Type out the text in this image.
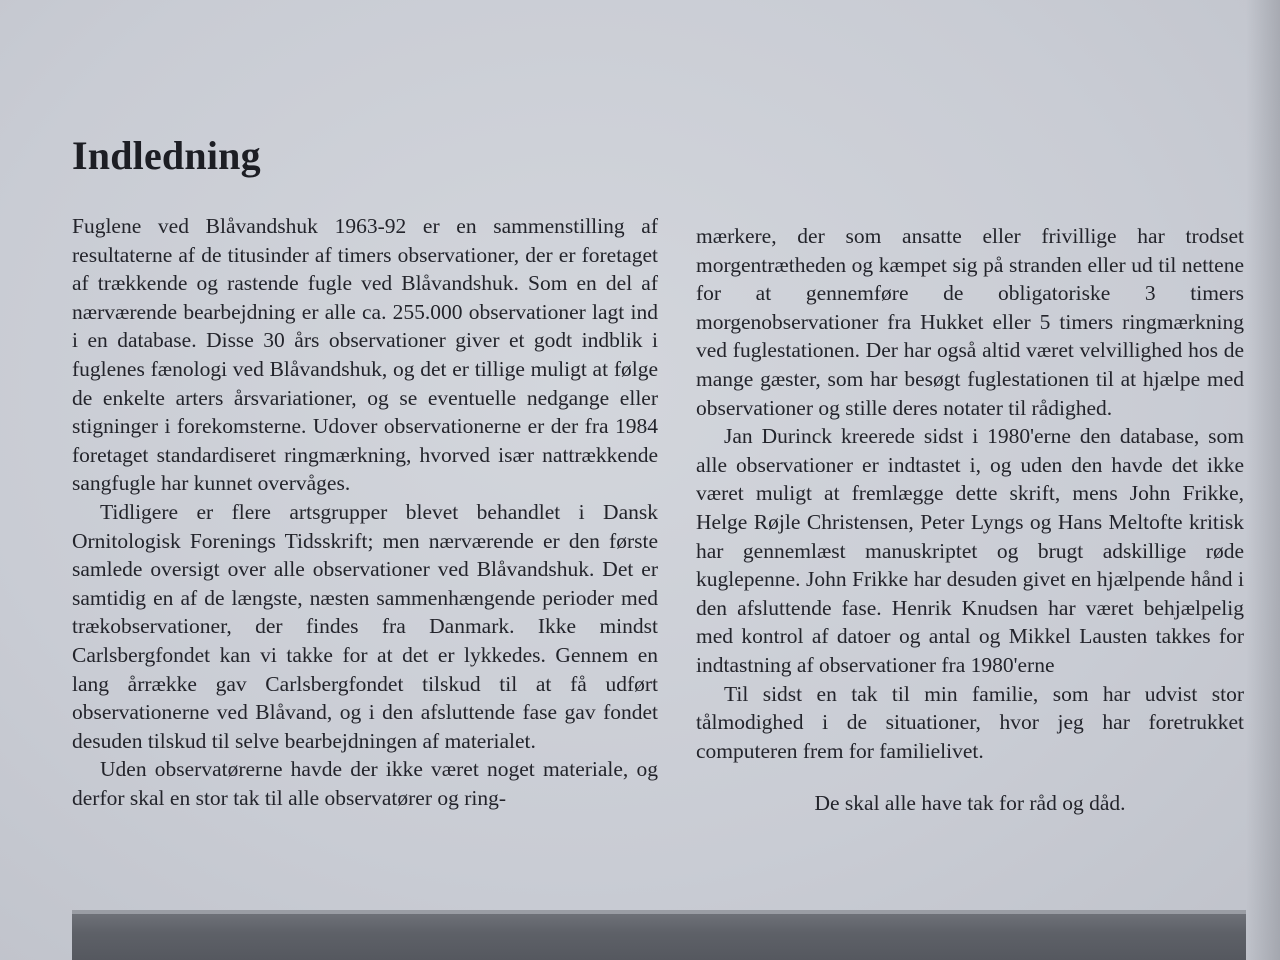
Indledning

Fuglene ved Blåvandshuk 1963-92 er en sammenstilling af resultaterne af de titusinder af timers observationer, der er foretaget af trækkende og rastende fugle ved Blåvandshuk. Som en del af nærværende bearbejdning er alle ca. 255.000 observationer lagt ind i en database. Disse 30 års observationer giver et godt indblik i fuglenes fænologi ved Blåvandshuk, og det er tillige muligt at følge de enkelte arters årsvariationer, og se eventuelle nedgange eller stigninger i forekomsterne. Udover observationerne er der fra 1984 foretaget standardiseret ringmærkning, hvorved især nattrækkende sangfugle har kunnet overvåges.

Tidligere er flere artsgrupper blevet behandlet i Dansk Ornitologisk Forenings Tidsskrift; men nærværende er den første samlede oversigt over alle observationer ved Blåvandshuk. Det er samtidig en af de længste, næsten sammenhængende perioder med trækobservationer, der findes fra Danmark. Ikke mindst Carlsbergfondet kan vi takke for at det er lykkedes. Gennem en lang årrække gav Carlsbergfondet tilskud til at få udført observationerne ved Blåvand, og i den afsluttende fase gav fondet desuden tilskud til selve bearbejdningen af materialet.

Uden observatørerne havde der ikke været noget materiale, og derfor skal en stor tak til alle observatører og ring-

mærkere, der som ansatte eller frivillige har trodset morgentrætheden og kæmpet sig på stranden eller ud til nettene for at gennemføre de obligatoriske 3 timers morgenobservationer fra Hukket eller 5 timers ringmærkning ved fuglestationen. Der har også altid været velvillighed hos de mange gæster, som har besøgt fuglestationen til at hjælpe med observationer og stille deres notater til rådighed.

Jan Durinck kreerede sidst i 1980'erne den database, som alle observationer er indtastet i, og uden den havde det ikke været muligt at fremlægge dette skrift, mens John Frikke, Helge Røjle Christensen, Peter Lyngs og Hans Meltofte kritisk har gennemlæst manuskriptet og brugt adskillige røde kuglepenne. John Frikke har desuden givet en hjælpende hånd i den afsluttende fase. Henrik Knudsen har været behjælpelig med kontrol af datoer og antal og Mikkel Lausten takkes for indtastning af observationer fra 1980'erne

Til sidst en tak til min familie, som har udvist stor tålmodighed i de situationer, hvor jeg har foretrukket computeren frem for familielivet.

De skal alle have tak for råd og dåd.
